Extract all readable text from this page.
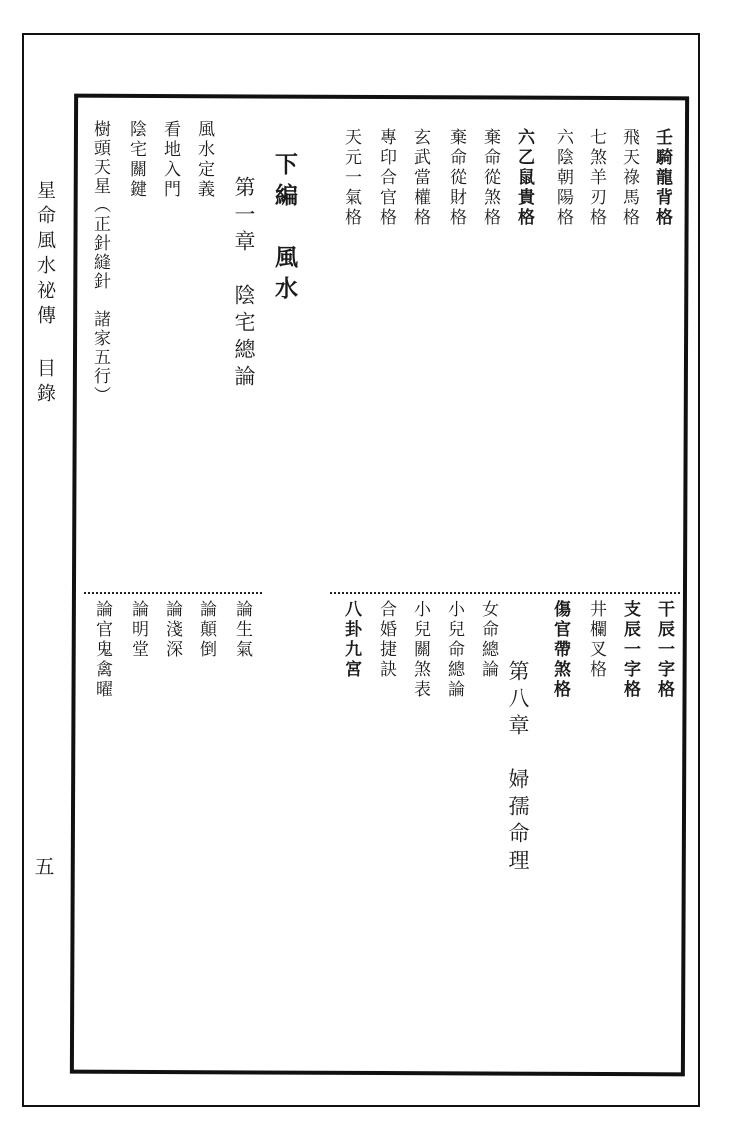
星命風水祕傳目錄
五
壬騎龍背格
飛天祿馬格
七煞羊刃格
六陰朝陽格
六乙鼠貴格
棄命從煞格
棄命從財格
玄武當權格
專印合官格
天元一氣格
下編　風水
第一章　陰宅總論
風水定義
看地入門
陰宅關鍵
樹頭天星（正針縫針　諸家五行）
干辰一字格
支辰一字格
井欄叉格
傷官帶煞格
第八章　婦孺命理
女命總論
小兒命總論
小兒關煞表
合婚捷訣
八卦九宮
論生氣
論顛倒
論淺深
論明堂
論官鬼禽曜
